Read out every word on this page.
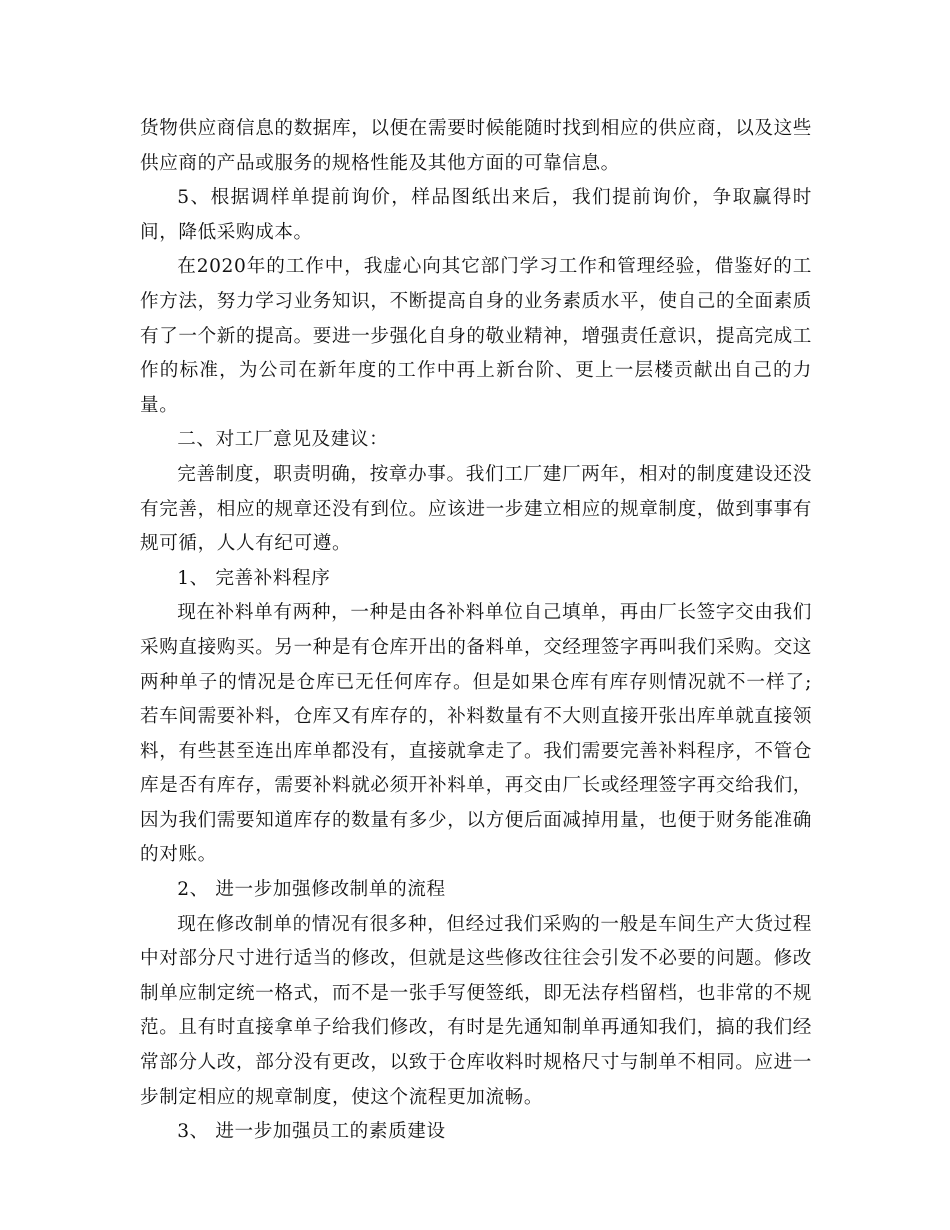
货物供应商信息的数据库，以便在需要时候能随时找到相应的供应商，以及这些供应商的产品或服务的规格性能及其他方面的可靠信息。

5、根据调样单提前询价，样品图纸出来后，我们提前询价，争取赢得时间，降低采购成本。

在2020年的工作中，我虚心向其它部门学习工作和管理经验，借鉴好的工作方法，努力学习业务知识，不断提高自身的业务素质水平，使自己的全面素质有了一个新的提高。要进一步强化自身的敬业精神，增强责任意识，提高完成工作的标准，为公司在新年度的工作中再上新台阶、更上一层楼贡献出自己的力量。

二、对工厂意见及建议：

完善制度，职责明确，按章办事。我们工厂建厂两年，相对的制度建设还没有完善，相应的规章还没有到位。应该进一步建立相应的规章制度，做到事事有规可循，人人有纪可遵。

1、 完善补料程序

现在补料单有两种，一种是由各补料单位自己填单，再由厂长签字交由我们采购直接购买。另一种是有仓库开出的备料单，交经理签字再叫我们采购。交这两种单子的情况是仓库已无任何库存。但是如果仓库有库存则情况就不一样了;若车间需要补料，仓库又有库存的，补料数量有不大则直接开张出库单就直接领料，有些甚至连出库单都没有，直接就拿走了。我们需要完善补料程序，不管仓库是否有库存，需要补料就必须开补料单，再交由厂长或经理签字再交给我们，因为我们需要知道库存的数量有多少，以方便后面减掉用量，也便于财务能准确的对账。

2、 进一步加强修改制单的流程

现在修改制单的情况有很多种，但经过我们采购的一般是车间生产大货过程中对部分尺寸进行适当的修改，但就是这些修改往往会引发不必要的问题。修改制单应制定统一格式，而不是一张手写便签纸，即无法存档留档，也非常的不规范。且有时直接拿单子给我们修改，有时是先通知制单再通知我们，搞的我们经常部分人改，部分没有更改，以致于仓库收料时规格尺寸与制单不相同。应进一步制定相应的规章制度，使这个流程更加流畅。

3、 进一步加强员工的素质建设
